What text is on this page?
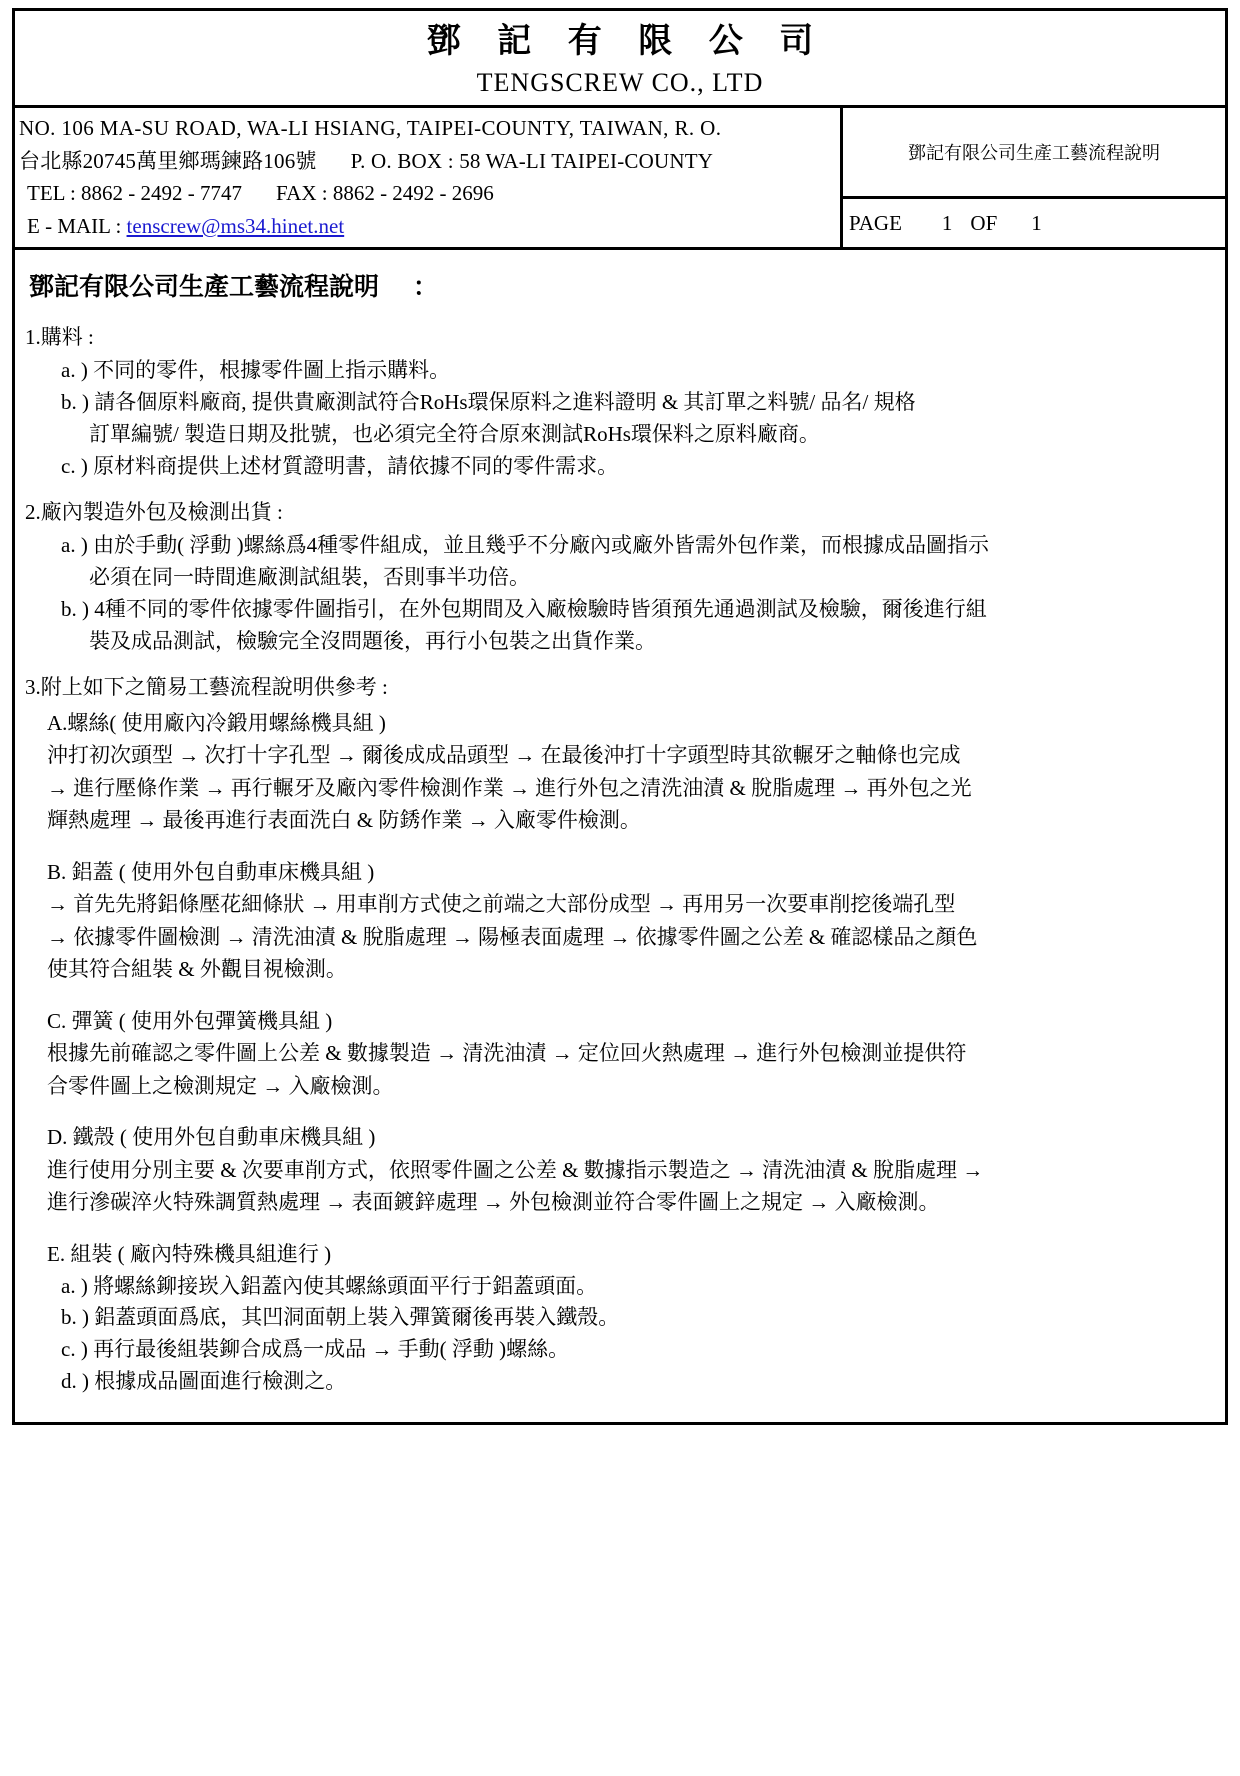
鄧 記 有 限 公 司
TENGSCREW CO., LTD
NO. 106 MA-SU ROAD, WA-LI HSIANG, TAIPEI-COUNTY, TAIWAN, R. O.
台北縣20745萬里鄉瑪鍊路106號 P. O. BOX : 58 WA-LI TAIPEI-COUNTY
TEL : 8862 - 2492 - 7747 FAX : 8862 - 2492 - 2696
E - MAIL : tenscrew@ms34.hinet.net
鄧記有限公司生產工藝流程說明
PAGE	1 OF	1
鄧記有限公司生產工藝流程說明 ：
1.購料 :
a. ) 不同的零件，根據零件圖上指示購料。
b. ) 請各個原料廠商, 提供貴廠測試符合RoHs環保原料之進料證明 & 其訂單之料號/ 品名/ 規格
訂單編號/ 製造日期及批號，也必須完全符合原來測試RoHs環保料之原料廠商。
c. ) 原材料商提供上述材質證明書，請依據不同的零件需求。
2.廠內製造外包及檢測出貨 :
a. ) 由於手動( 浮動 )螺絲爲4種零件組成，並且幾乎不分廠內或廠外皆需外包作業，而根據成品圖指示
必須在同一時間進廠測試組裝，否則事半功倍。
b. ) 4種不同的零件依據零件圖指引，在外包期間及入廠檢驗時皆須預先通過測試及檢驗，爾後進行組
裝及成品測試，檢驗完全沒問題後，再行小包裝之出貨作業。
3.附上如下之簡易工藝流程說明供參考 :
A.螺絲( 使用廠內冷鍛用螺絲機具組 )
沖打初次頭型 → 次打十字孔型 → 爾後成成品頭型 → 在最後沖打十字頭型時其欲輾牙之軸條也完成
→ 進行壓條作業 → 再行輾牙及廠內零件檢測作業 → 進行外包之清洗油漬 & 脫脂處理 → 再外包之光
輝熱處理 → 最後再進行表面洗白 & 防銹作業 → 入廠零件檢測。
B. 鋁蓋 ( 使用外包自動車床機具組 )
→ 首先先將鋁條壓花細條狀 → 用車削方式使之前端之大部份成型 → 再用另一次要車削挖後端孔型
→ 依據零件圖檢測 → 清洗油漬 & 脫脂處理 → 陽極表面處理 → 依據零件圖之公差 & 確認樣品之顏色
使其符合組裝 & 外觀目視檢測。
C. 彈簧 ( 使用外包彈簧機具組 )
根據先前確認之零件圖上公差 & 數據製造 → 清洗油漬 → 定位回火熱處理 → 進行外包檢測並提供符
合零件圖上之檢測規定 → 入廠檢測。
D. 鐵殼 ( 使用外包自動車床機具組 )
進行使用分別主要 & 次要車削方式，依照零件圖之公差 & 數據指示製造之 → 清洗油漬 & 脫脂處理 →
進行滲碳淬火特殊調質熱處理 → 表面鍍鋅處理 → 外包檢測並符合零件圖上之規定 → 入廠檢測。
E. 組裝 ( 廠內特殊機具組進行 )
a. ) 將螺絲鉚接崁入鋁蓋內使其螺絲頭面平行于鋁蓋頭面。
b. ) 鋁蓋頭面爲底，其凹洞面朝上裝入彈簧爾後再裝入鐵殼。
c. ) 再行最後組裝鉚合成爲一成品 → 手動( 浮動 )螺絲。
d. ) 根據成品圖面進行檢測之。
